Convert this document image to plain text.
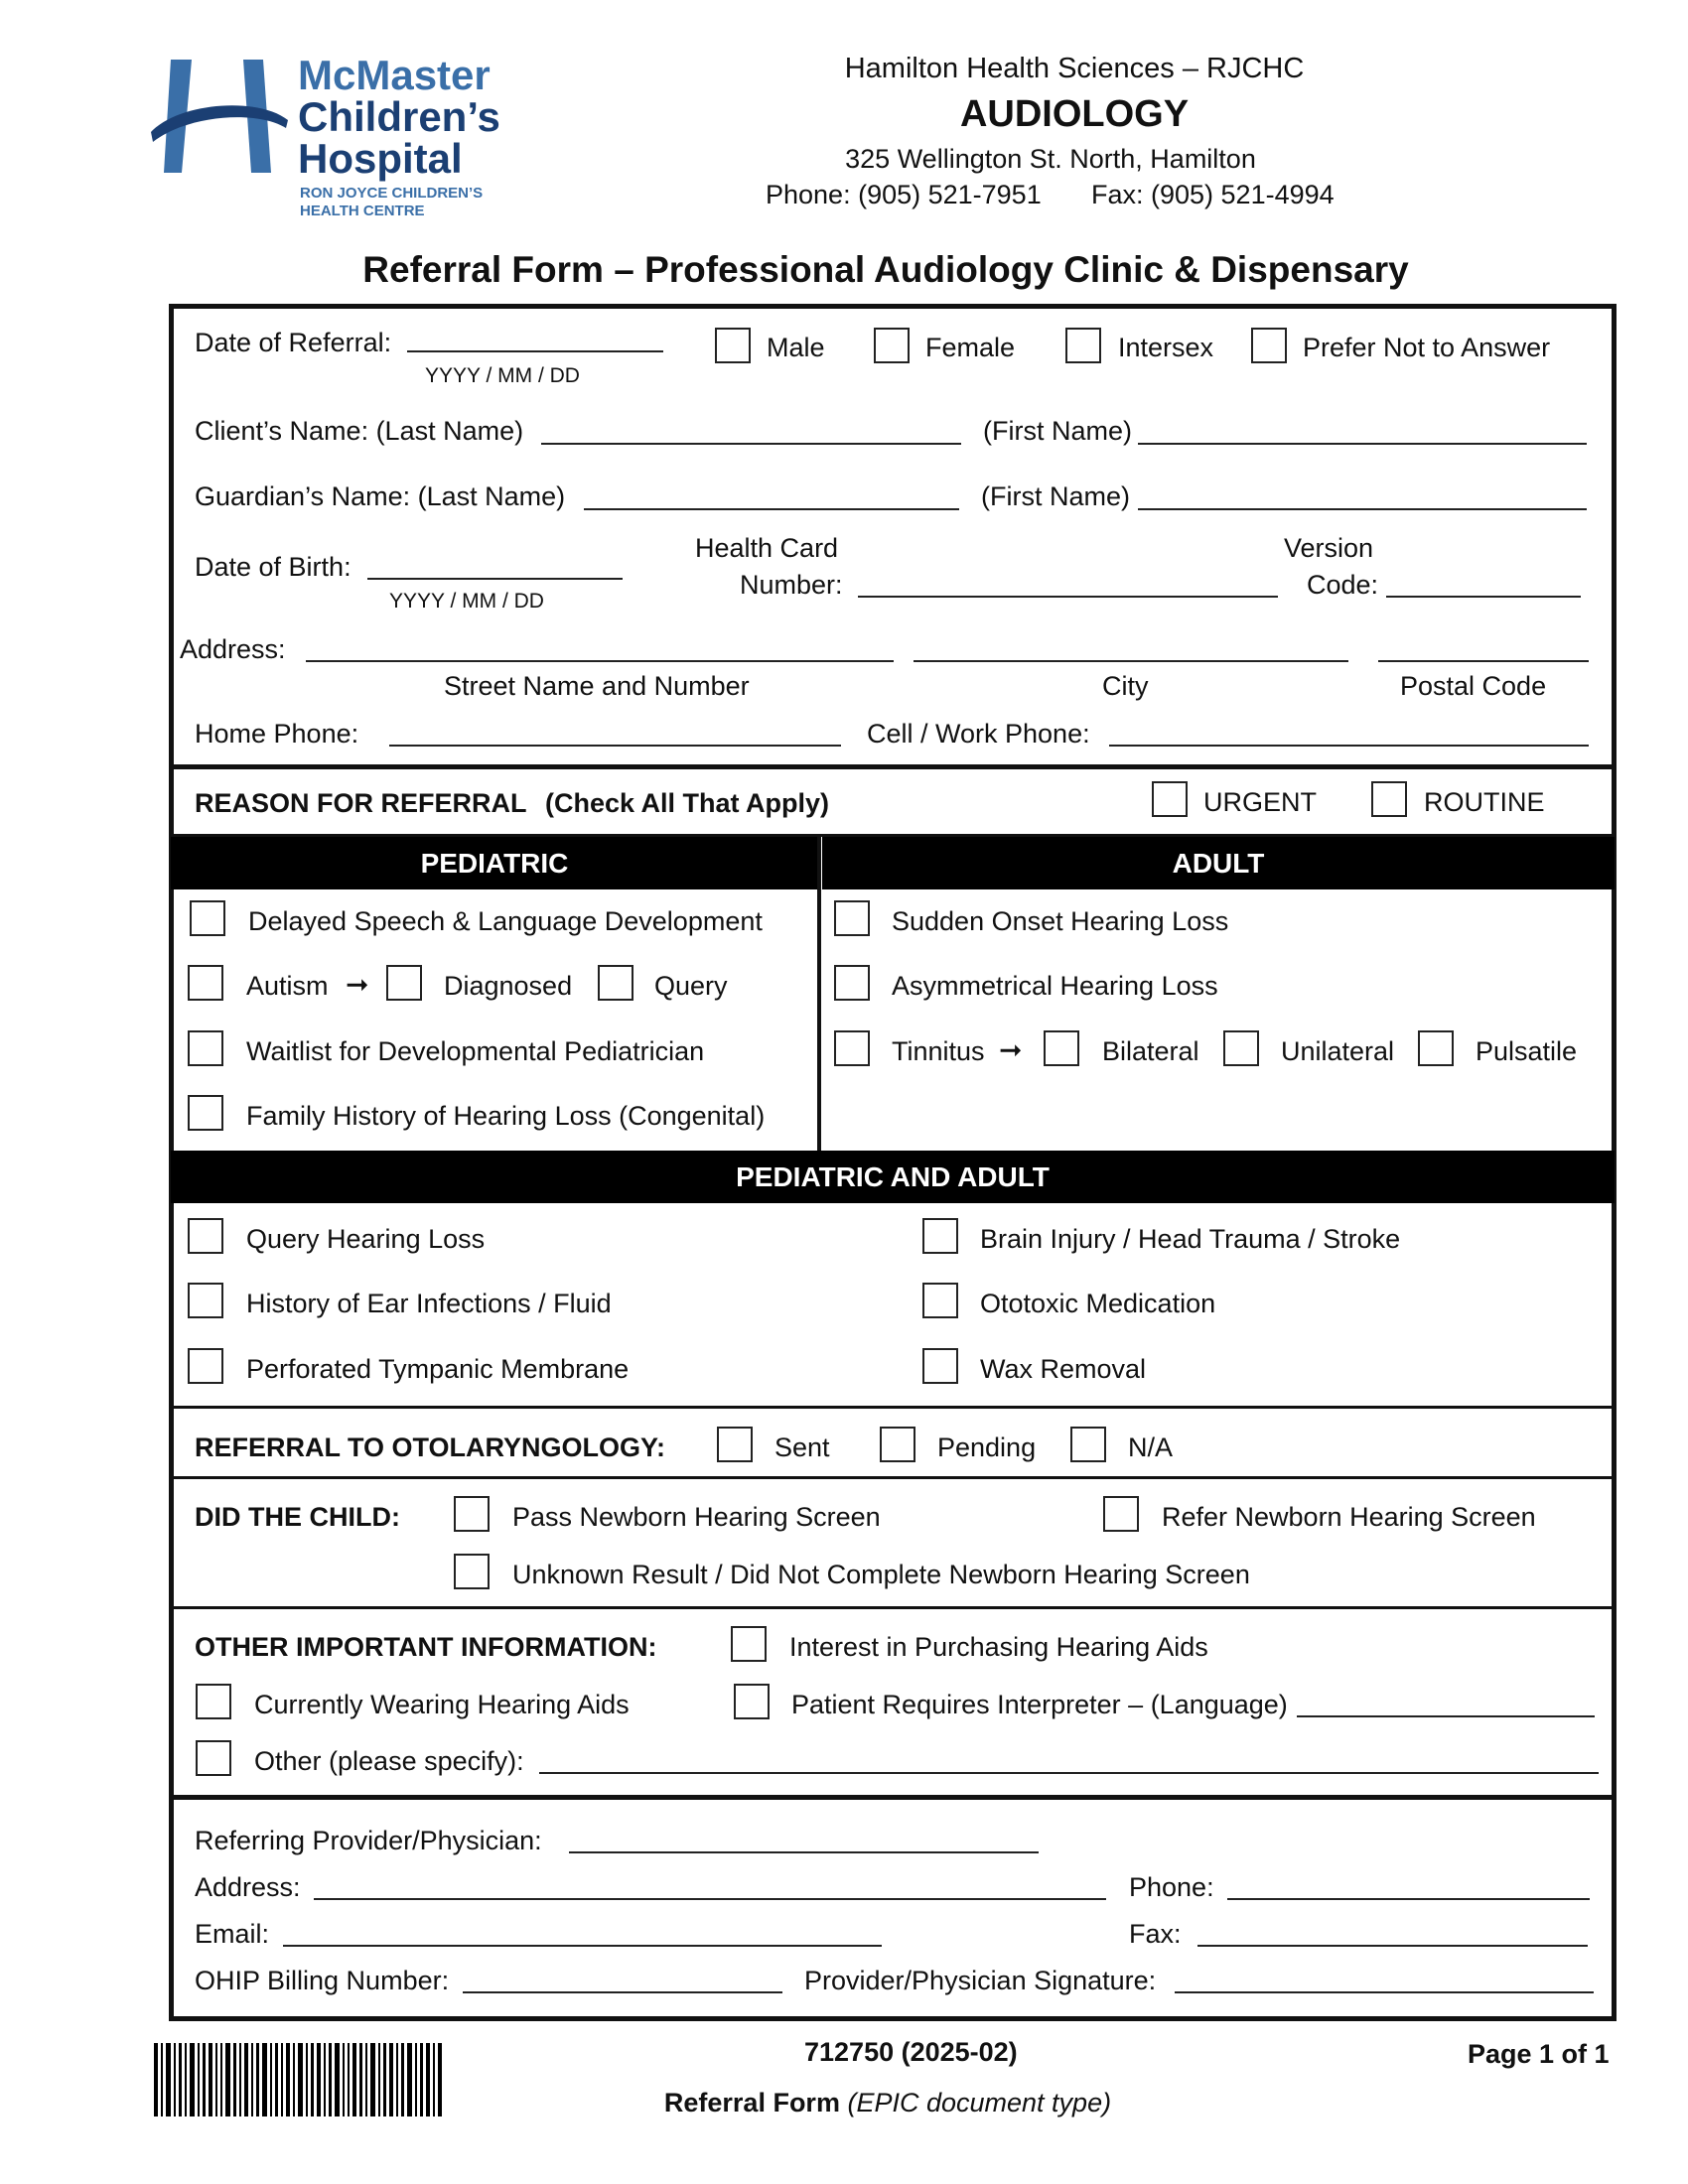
McMaster
Children’s
Hospital
RON JOYCE CHILDREN’S
HEALTH CENTRE
Hamilton Health Sciences – RJCHC
AUDIOLOGY
325 Wellington St. North, Hamilton
Phone: (905) 521-7951 Fax: (905) 521-4994
Referral Form – Professional Audiology Clinic & Dispensary
Date of Referral:
YYYY / MM / DD
Male	Female	Intersex	Prefer Not to Answer
Client’s Name: (Last Name)	(First Name)
Guardian’s Name: (Last Name)	(First Name)
Date of Birth:
YYYY / MM / DD
Health Card
Number:
Version
Code:
Address:
Street Name and Number	City	Postal Code
Home Phone:	Cell / Work Phone:
REASON FOR REFERRAL (Check All That Apply)	URGENT	ROUTINE
PEDIATRIC	ADULT
Delayed Speech & Language Development
Autism ➞	Diagnosed	Query
Waitlist for Developmental Pediatrician
Family History of Hearing Loss (Congenital)
Sudden Onset Hearing Loss
Asymmetrical Hearing Loss
Tinnitus ➞	Bilateral	Unilateral	Pulsatile
PEDIATRIC AND ADULT
Query Hearing Loss
History of Ear Infections / Fluid
Perforated Tympanic Membrane
Brain Injury / Head Trauma / Stroke
Ototoxic Medication
Wax Removal
REFERRAL TO OTOLARYNGOLOGY:	Sent	Pending	N/A
DID THE CHILD:	Pass Newborn Hearing Screen	Refer Newborn Hearing Screen
Unknown Result / Did Not Complete Newborn Hearing Screen
OTHER IMPORTANT INFORMATION:	Interest in Purchasing Hearing Aids
Currently Wearing Hearing Aids	Patient Requires Interpreter – (Language)
Other (please specify):
Referring Provider/Physician:
Address:	Phone:
Email:	Fax:
OHIP Billing Number:	Provider/Physician Signature:
712750 (2025-02)	Page 1 of 1
Referral Form (EPIC document type)
